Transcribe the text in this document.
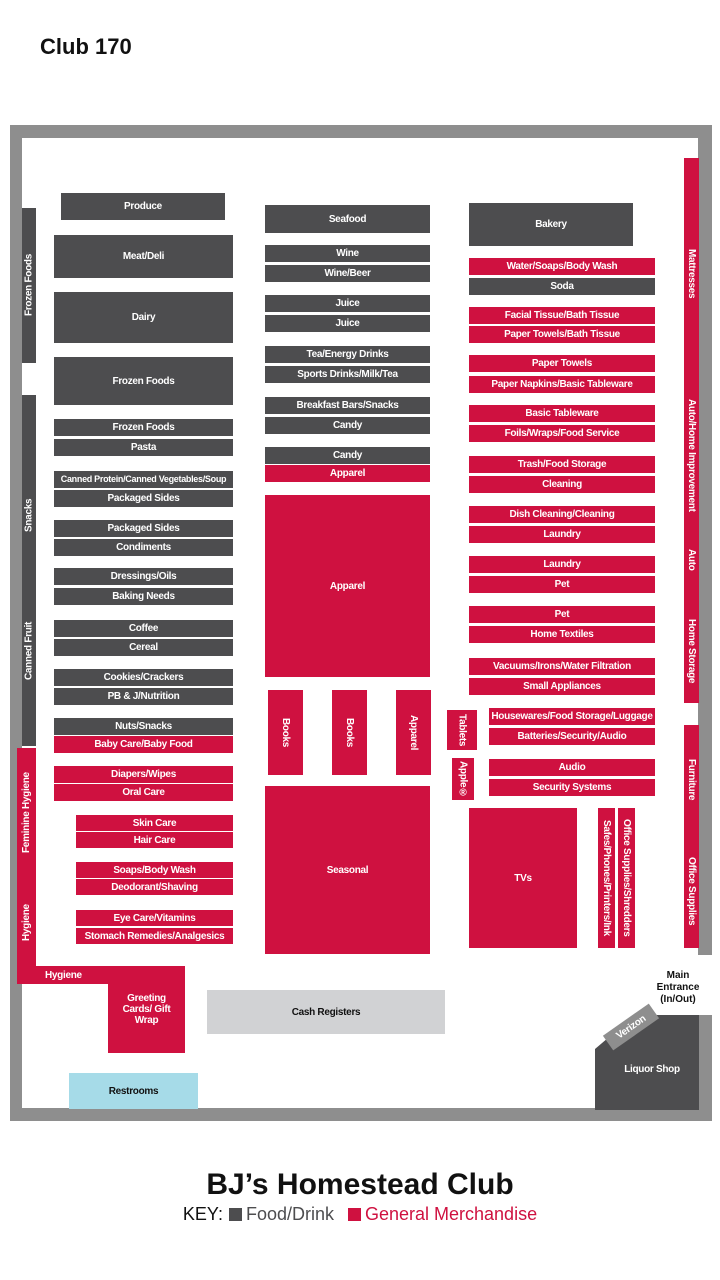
Club 170
Frozen Foods
Snacks
Canned Fruit
Feminine Hygiene
Hygiene
Hygiene
Produce
Meat/Deli
Dairy
Frozen Foods
Frozen Foods
Pasta
Canned Protein/Canned Vegetables/Soup
Packaged Sides
Packaged Sides
Condiments
Dressings/Oils
Baking Needs
Coffee
Cereal
Cookies/Crackers
PB & J/Nutrition
Nuts/Snacks
Baby Care/Baby Food
Diapers/Wipes
Oral Care
Skin Care
Hair Care
Soaps/Body Wash
Deodorant/Shaving
Eye Care/Vitamins
Stomach Remedies/Analgesics
Seafood
Wine
Wine/Beer
Juice
Juice
Tea/Energy Drinks
Sports Drinks/Milk/Tea
Breakfast Bars/Snacks
Candy
Candy
Apparel
Apparel
Books	Books	Apparel
Seasonal
Bakery
Water/Soaps/Body Wash
Soda
Facial Tissue/Bath Tissue
Paper Towels/Bath Tissue
Paper Towels
Paper Napkins/Basic Tableware
Basic Tableware
Foils/Wraps/Food Service
Trash/Food Storage
Cleaning
Dish Cleaning/Cleaning
Laundry
Laundry
Pet
Pet
Home Textiles
Vacuums/Irons/Water Filtration
Small Appliances
Tablets	Housewares/Food Storage/Luggage
Batteries/Security/Audio
Apple®	Audio
Security Systems
TVs	Safes/Phones/Printers/Ink Office Supplies/Shredders
Mattresses
Auto/Home Improvement
Auto
Home Storage
Furniture
Office Supplies
Greeting Cards/ Gift Wrap
Cash Registers
Restrooms
Main Entrance (In/Out)
Verizon
Liquor Shop
BJ’s Homestead Club
KEY: Food/Drink General Merchandise
